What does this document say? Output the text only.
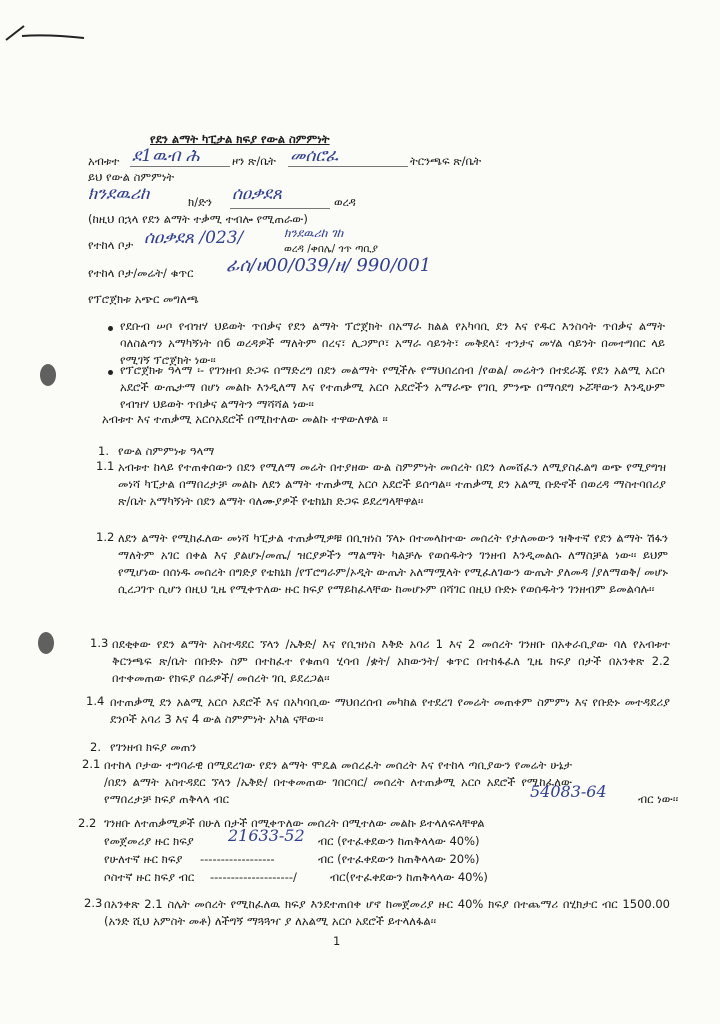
የደን ልማት ካፒታል ክፍያ የውል ስምምነት
አብቱተ ደ1ዉብ ሕ	ዞን ጽ/ቤት መሰሮፈ	ትርንጫፍ ጽ/ቤት
ይህ የውል ስምምነት
ክንደዉሪከ	ክ/ድን ሰዐቃደጸ	ወረዳ
(ከዚህ በኋላ የደን ልማት ተቃሚ ተብሎ የሚጠራው)
የተከላ ቦታ ሰዐቃደጸ /023/	ክንደዉሪከ ገከ
ወረዳ /ቀበሌ/ ጎጥ ጣቢያ
የተከላ ቦታ/መሬት/ ቁጥር ፊሰ/ሀ00/039/ዘ/ 990/001
የፕሮጀክቱ አጭር መግለጫ
የደቡብ ሠቦ የብዝሃ ህይወት ጥበቃና የደን ልማት ፕሮጀክት በአማራ ክልል የአካባቢ ደን እና የዱር እንስሳት ጥበቃና ልማት ባለስልጣን አማካኝነት በ6 ወረዳዎች ማለትም በረና፣ ሊጋምቦ፣ አማራ ሳይንት፣ መቅደላ፣ ተንታና መሃል ሳይንት በመተግበር ላይ የሚገኝ ፕሮጀክት ነው፡፡
የፕሮጀክቱ ዓላማ ፡- የገንዘብ ድጋፍ በማድረግ በደን መልማት የሚችሉ የማህበረሰብ /የወል/ መሬትን በተደራጁ የደን አልሚ አርሶ አደሮች ውጤታማ በሆነ መልኩ እንዲለማ እና የተጠቃሚ አርሶ አደሮችን አማራጭ የገቢ ምንጭ በማሳደግ ኑሯቸውን እንዲሁም የብዝሃ ህይወት ጥበቃና ልማትን ማሻሻል ነው፡፡
አብቱተ እና ተጠቃሚ አርሶአደሮች በሚከተለው መልኩ ተዋውለዋል ፡፡
1. የውል ስምምነቱ ዓላማ
1.1 አብቱተ ከላይ የተጠቀሰውን በደን የሚለማ መሬት በተያዘው ውል ስምምነት መሰረት በደን ለመሸፈን ለሚያስፈልግ ወጭ የሚያግዝ መነሻ ካፒታል በማበረታቻ መልኩ ለደን ልማት ተጠቃሚ አርሶ አደሮች ይሰጣል፡፡ ተጠቃሚ ደን አልሚ ቡድኖች በወረዳ ማስተባበሪያ ጽ/ቤት አማካኝነት በደን ልማት ባለሙያዎች የቴክኒክ ድጋፍ ይደረግላቸዋል፡፡
1.2 ለደን ልማት የሚከፈለው መነሻ ካፒታል ተጠቃሚዎቹ በቢዝነስ ኘላኑ በተመላከተው መሰረት የታለመውን ዝቅተኛ የደን ልማት ሽፋን ማለትም አገር በቀል እና ያልሆኑ/መጤ/ ዝርያዎችን ማልማት ካልቻሉ የወሰዱትን ገንዘብ እንዲመልሱ ለማስቻል ነው፡፡ ይህም የሚሆነው በሰነዱ መሰረት በግድያ የቴክኒክ /የፕሮግራም/ኦዲት ውጤት አለማሟላት የሚፈለገውን ውጤት ያለመዳ /ያለማወቅ/ መሆኑ ሲረጋገጥ ሲሆን በዚህ ጊዜ የሚቀጥለው ዙር ክፍያ የማይከፈላቸው ከመሆኑም በሻገር በዚህ ቡድኑ የወሰዱትን ገንዘብም ይመልሳሉ፡፡
1.3 በደቂቀው የደን ልማት አስተዳደር ኘላን /ኤቅድ/ እና የቢዝነስ እቅድ አባሪ 1 እና 2 መሰረት ገንዘቡ በአቀራቢያው ባለ የአብቱተ ቅርንጫፍ ጽ/ቤት በቡድኑ ስም በተከፈተ የቁጠባ ሂሳብ /ቋት/ አክውንት/ ቁጥር በተከፋፈለ ጊዜ ክፍያ በታች በአንቀጽ 2.2 በተቀመጠው የክፍያ ሰሬዎች/ መሰረት ገቢ ይደረጋል፡፡
1.4 በተጠቃሚ ደን አልሚ አርሶ አደሮች እና በአካባቢው ማህበረሰብ መካከል የተደረገ የመሬት መጠቀም ስምምነ እና የቡድኑ መተዳደሪያ ደንቦች አባሪ 3 እና 4 ውል ስምምነት አካል ናቸው፡፡
2. የገንዘብ ክፍያ መጠን
2.1 በተከላ ቦታው ተግባራዊ በሚደረገው የደን ልማት ሞዴል መሰረፈት መሰረት እና የተከላ ጣቢያውን የመሬት ሁኔታ /በደን ልማት አስተዳደር ኘላን /ኤቅድ/ በተቀመጠው ገበርባር/ መሰረት ለተጠቃሚ አርሶ አደሮች የሚከፈለው የማበረታቻ ክፍያ ጠቅላላ ብር	54083-64	ብር ነው፡፡
2.2 ገንዘቡ ለተጠቃሚዎች በሁለ በታች በሚቀጥለው መሰረት በሚተለው መልኩ ይተላለፍላቸዋል
የመጀመሪያ ዙር ክፍያ 21633-52 ብር (የተፈቀደውን ከጠቅላላው 40%)
የሁለተኛ ዙር ክፍያ ------------------	ብር (የተፈቀደውን ከጠቅላላው 20%)
ሶስተኛ ዙር ክፍያ ብር --------------------/	ብር(የተፈቀደውን ከጠቅላላው 40%)
2.3 በአንቀጽ 2.1 ስሌት መሰረት የሚከፈለዉ ክፍያ እንደተጠበቀ ሆኖ ከመጀመሪያ ዙር 40% ክፍያ በተጨማሪ በሂክታር ብር 1500.00 (አንድ ሺህ አምስት መቶ) ለችግኝ ማጓጓዣ ያ ለአልሚ አርሶ አደሮች ይተላለፋል፡፡
1
